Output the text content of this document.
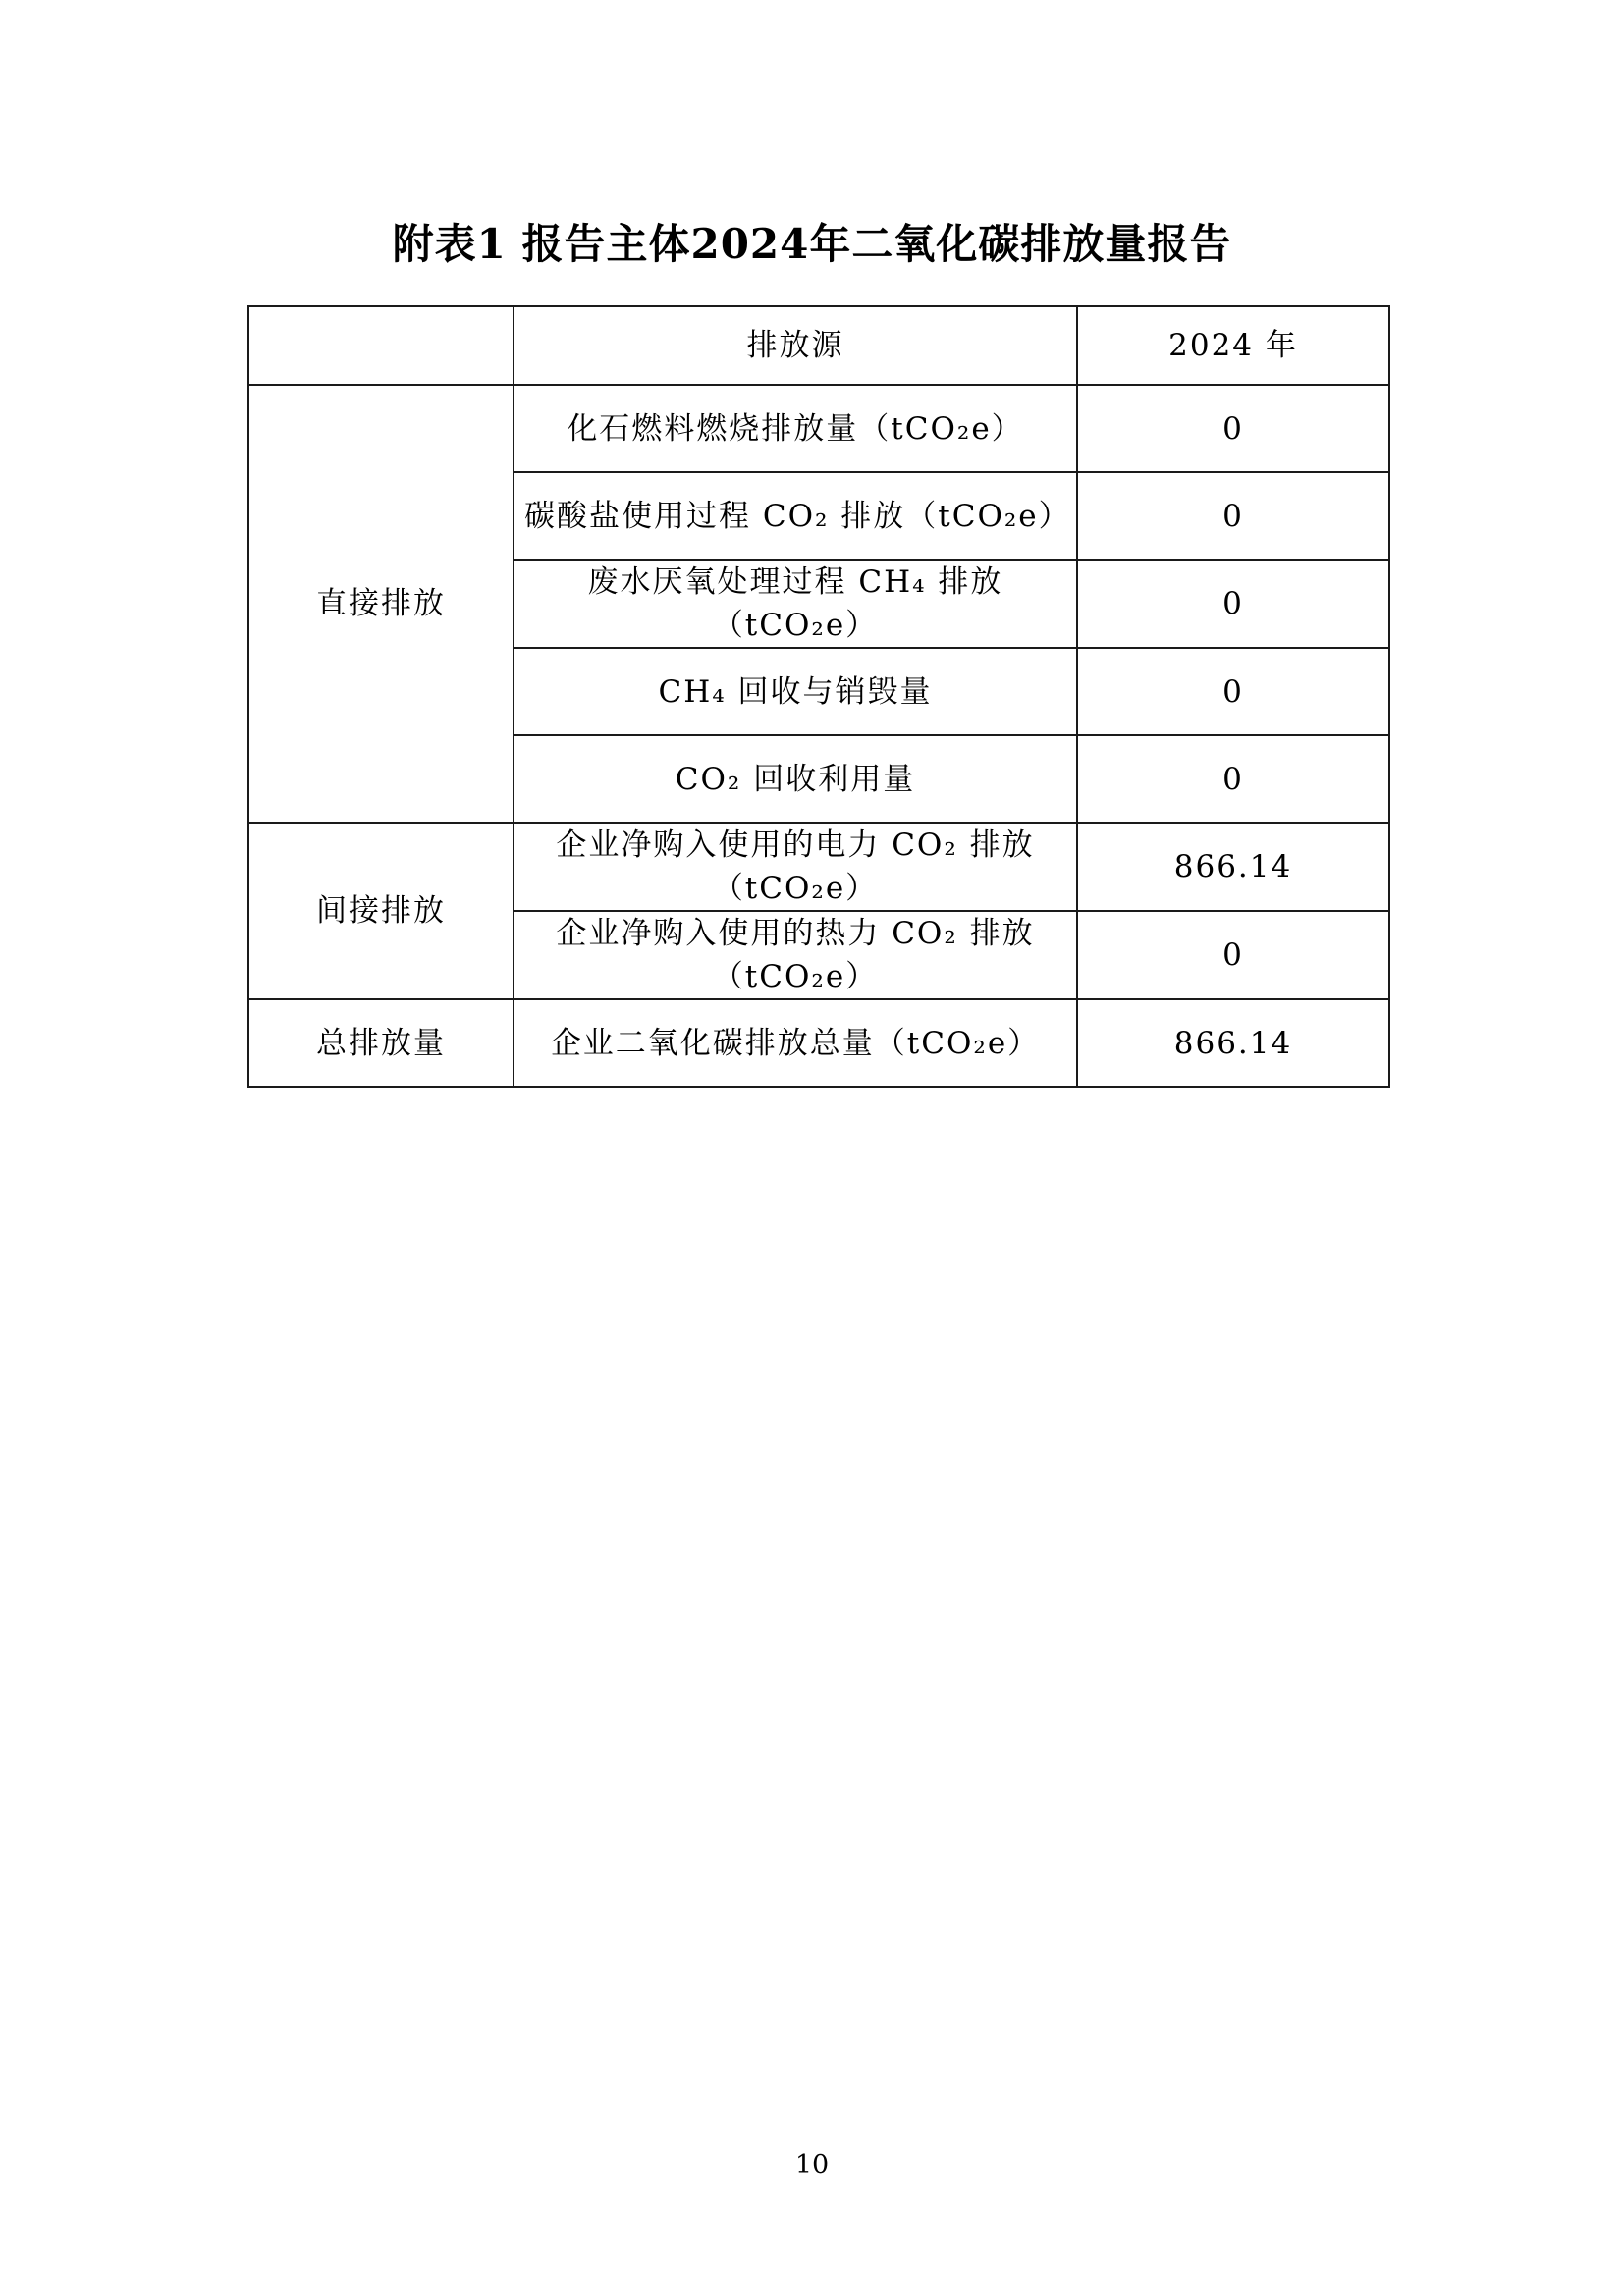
附表1 报告主体2024年二氧化碳排放量报告
	排放源	2024 年
直接排放	化石燃料燃烧排放量（tCO₂e）	0
	碳酸盐使用过程 CO₂ 排放（tCO₂e）	0
	废水厌氧处理过程 CH₄ 排放（tCO₂e）	0
	CH₄ 回收与销毁量	0
	CO₂ 回收利用量	0
间接排放	企业净购入使用的电力 CO₂ 排放（tCO₂e）	866.14
	企业净购入使用的热力 CO₂ 排放（tCO₂e）	0
总排放量	企业二氧化碳排放总量（tCO₂e）	866.14
10
